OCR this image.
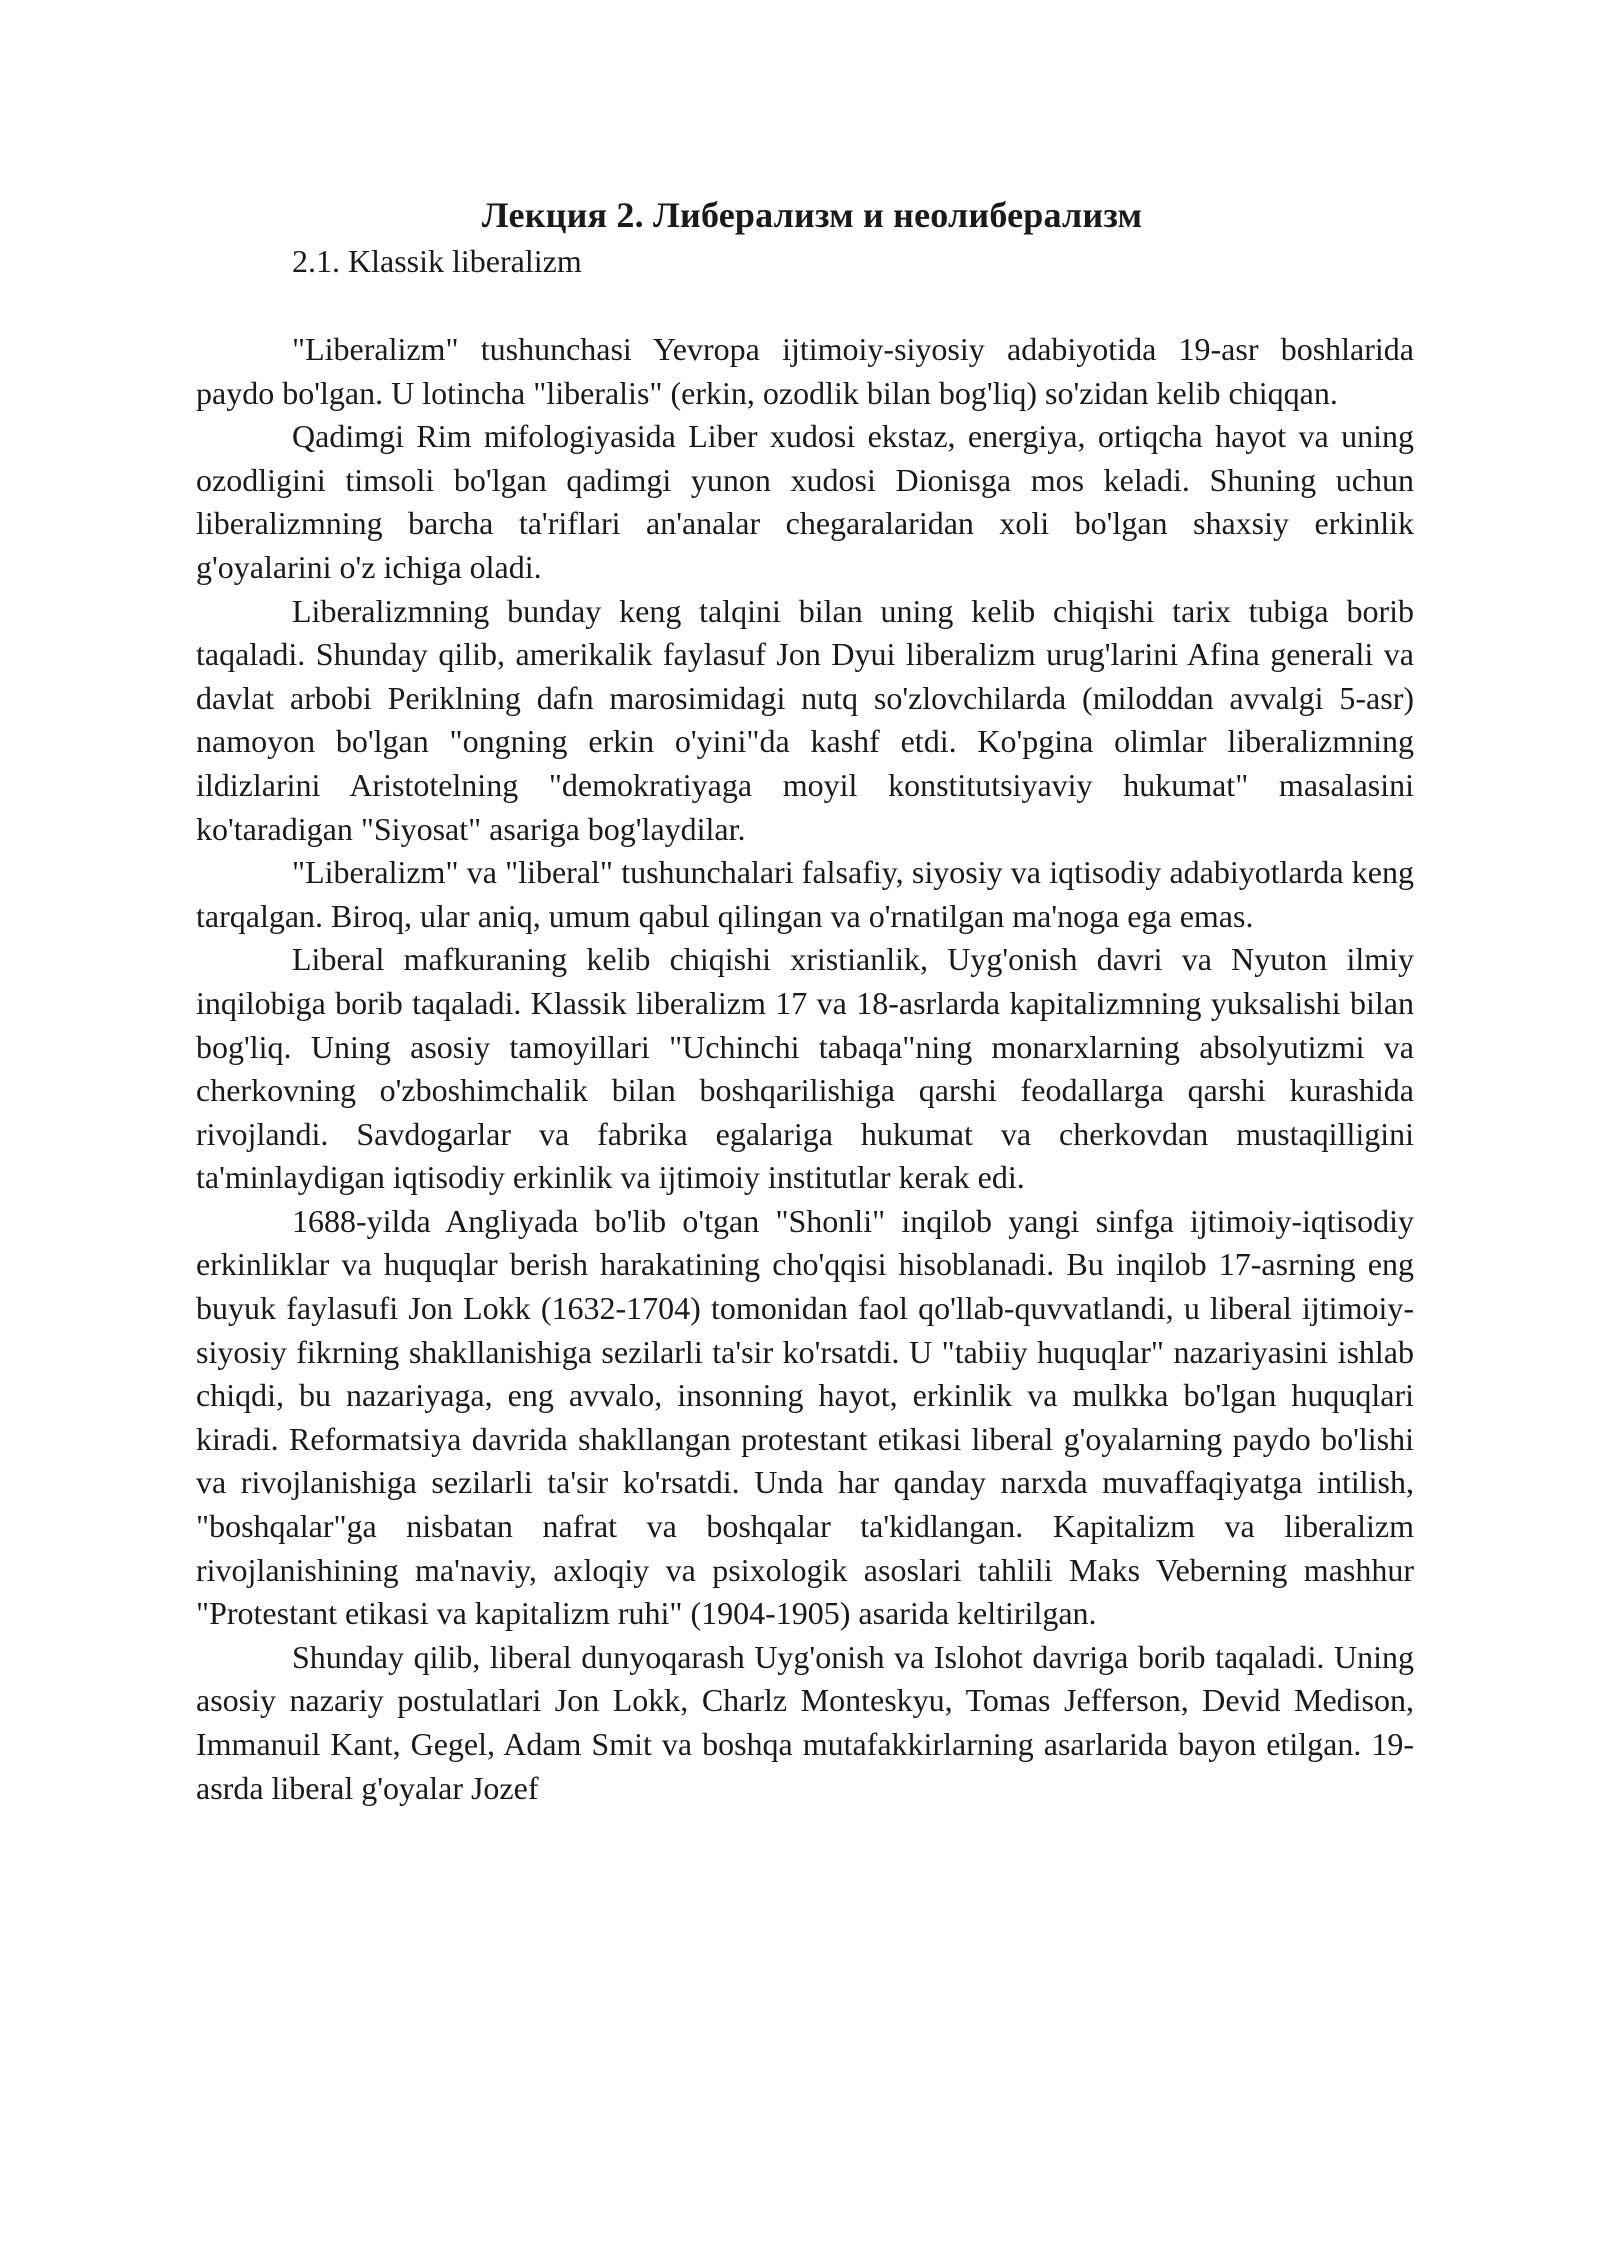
Лекция 2. Либерализм и неолиберализм

2.1. Klassik liberalizm

"Liberalizm" tushunchasi Yevropa ijtimoiy-siyosiy adabiyotida 19-asr boshlarida paydo bo'lgan. U lotincha "liberalis" (erkin, ozodlik bilan bog'liq) so'zidan kelib chiqqan.

Qadimgi Rim mifologiyasida Liber xudosi ekstaz, energiya, ortiqcha hayot va uning ozodligini timsoli bo'lgan qadimgi yunon xudosi Dionisga mos keladi. Shuning uchun liberalizmning barcha ta'riflari an'analar chegaralaridan xoli bo'lgan shaxsiy erkinlik g'oyalarini o'z ichiga oladi.

Liberalizmning bunday keng talqini bilan uning kelib chiqishi tarix tubiga borib taqaladi. Shunday qilib, amerikalik faylasuf Jon Dyui liberalizm urug'larini Afina generali va davlat arbobi Periklning dafn marosimidagi nutq so'zlovchilarda (miloddan avvalgi 5-asr) namoyon bo'lgan "ongning erkin o'yini"da kashf etdi. Ko'pgina olimlar liberalizmning ildizlarini Aristotelning "demokratiyaga moyil konstitutsiyaviy hukumat" masalasini ko'taradigan "Siyosat" asariga bog'laydilar.

"Liberalizm" va "liberal" tushunchalari falsafiy, siyosiy va iqtisodiy adabiyotlarda keng tarqalgan. Biroq, ular aniq, umum qabul qilingan va o'rnatilgan ma'noga ega emas.

Liberal mafkuraning kelib chiqishi xristianlik, Uyg'onish davri va Nyuton ilmiy inqilobiga borib taqaladi. Klassik liberalizm 17 va 18-asrlarda kapitalizmning yuksalishi bilan bog'liq. Uning asosiy tamoyillari "Uchinchi tabaqa"ning monarxlarning absolyutizmi va cherkovning o'zboshimchalik bilan boshqarilishiga qarshi feodallarga qarshi kurashida rivojlandi. Savdogarlar va fabrika egalariga hukumat va cherkovdan mustaqilligini ta'minlaydigan iqtisodiy erkinlik va ijtimoiy institutlar kerak edi.

1688-yilda Angliyada bo'lib o'tgan "Shonli" inqilob yangi sinfga ijtimoiy-iqtisodiy erkinliklar va huquqlar berish harakatining cho'qqisi hisoblanadi. Bu inqilob 17-asrning eng buyuk faylasufi Jon Lokk (1632-1704) tomonidan faol qo'llab-quvvatlandi, u liberal ijtimoiy-siyosiy fikrning shakllanishiga sezilarli ta'sir ko'rsatdi. U "tabiiy huquqlar" nazariyasini ishlab chiqdi, bu nazariyaga, eng avvalo, insonning hayot, erkinlik va mulkka bo'lgan huquqlari kiradi. Reformatsiya davrida shakllangan protestant etikasi liberal g'oyalarning paydo bo'lishi va rivojlanishiga sezilarli ta'sir ko'rsatdi. Unda har qanday narxda muvaffaqiyatga intilish, "boshqalar"ga nisbatan nafrat va boshqalar ta'kidlangan. Kapitalizm va liberalizm rivojlanishining ma'naviy, axloqiy va psixologik asoslari tahlili Maks Veberning mashhur "Protestant etikasi va kapitalizm ruhi" (1904-1905) asarida keltirilgan.

Shunday qilib, liberal dunyoqarash Uyg'onish va Islohot davriga borib taqaladi. Uning asosiy nazariy postulatlari Jon Lokk, Charlz Monteskyu, Tomas Jefferson, Devid Medison, Immanuil Kant, Gegel, Adam Smit va boshqa mutafakkirlarning asarlarida bayon etilgan. 19-asrda liberal g'oyalar Jozef
